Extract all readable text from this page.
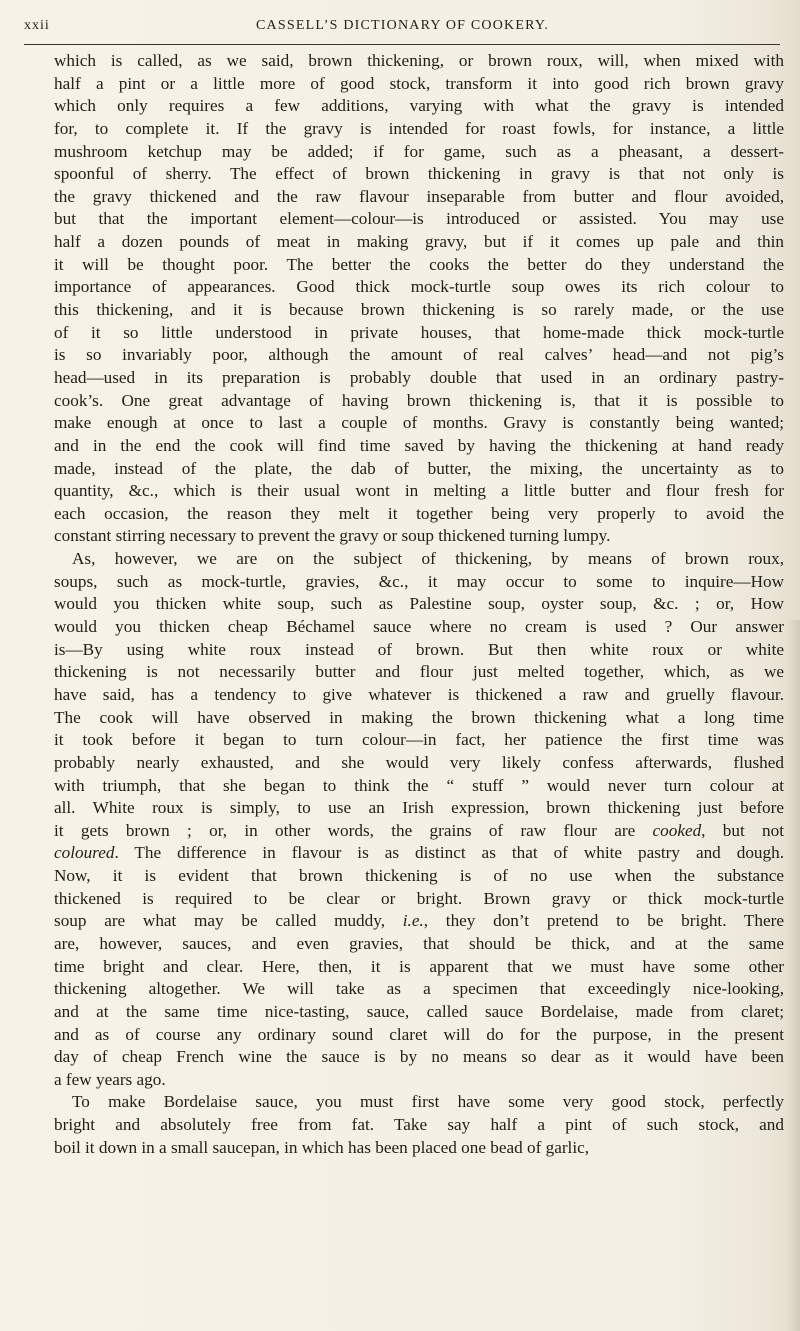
xxii	CASSELL’S DICTIONARY OF COOKERY.

which is called, as we said, brown thickening, or brown roux, will, when mixed with
half a pint or a little more of good stock, transform it into good rich brown gravy
which only requires a few additions, varying with what the gravy is intended
for, to complete it. If the gravy is intended for roast fowls, for instance, a little
mushroom ketchup may be added; if for game, such as a pheasant, a dessert-
spoonful of sherry. The effect of brown thickening in gravy is that not only is
the gravy thickened and the raw flavour inseparable from butter and flour avoided,
but that the important element—colour—is introduced or assisted. You may use
half a dozen pounds of meat in making gravy, but if it comes up pale and thin
it will be thought poor. The better the cooks the better do they understand the
importance of appearances. Good thick mock-turtle soup owes its rich colour to
this thickening, and it is because brown thickening is so rarely made, or the use
of it so little understood in private houses, that home-made thick mock-turtle
is so invariably poor, although the amount of real calves’ head—and not pig’s
head—used in its preparation is probably double that used in an ordinary pastry-
cook’s. One great advantage of having brown thickening is, that it is possible to
make enough at once to last a couple of months. Gravy is constantly being wanted;
and in the end the cook will find time saved by having the thickening at hand ready
made, instead of the plate, the dab of butter, the mixing, the uncertainty as to
quantity, &c., which is their usual wont in melting a little butter and flour fresh for
each occasion, the reason they melt it together being very properly to avoid the
constant stirring necessary to prevent the gravy or soup thickened turning lumpy.

As, however, we are on the subject of thickening, by means of brown roux,
soups, such as mock-turtle, gravies, &c., it may occur to some to inquire—How
would you thicken white soup, such as Palestine soup, oyster soup, &c. ; or, How
would you thicken cheap Béchamel sauce where no cream is used ? Our answer
is—By using white roux instead of brown. But then white roux or white
thickening is not necessarily butter and flour just melted together, which, as we
have said, has a tendency to give whatever is thickened a raw and gruelly flavour.
The cook will have observed in making the brown thickening what a long time
it took before it began to turn colour—in fact, her patience the first time was
probably nearly exhausted, and she would very likely confess afterwards, flushed
with triumph, that she began to think the “ stuff ” would never turn colour at
all. White roux is simply, to use an Irish expression, brown thickening just before
it gets brown ; or, in other words, the grains of raw flour are cooked, but not
coloured. The difference in flavour is as distinct as that of white pastry and dough.
Now, it is evident that brown thickening is of no use when the substance
thickened is required to be clear or bright. Brown gravy or thick mock-turtle
soup are what may be called muddy, i.e., they don’t pretend to be bright. There
are, however, sauces, and even gravies, that should be thick, and at the same
time bright and clear. Here, then, it is apparent that we must have some other
thickening altogether. We will take as a specimen that exceedingly nice-looking,
and at the same time nice-tasting, sauce, called sauce Bordelaise, made from claret;
and as of course any ordinary sound claret will do for the purpose, in the present
day of cheap French wine the sauce is by no means so dear as it would have been
a few years ago.

To make Bordelaise sauce, you must first have some very good stock, perfectly
bright and absolutely free from fat. Take say half a pint of such stock, and
boil it down in a small saucepan, in which has been placed one bead of garlic,
